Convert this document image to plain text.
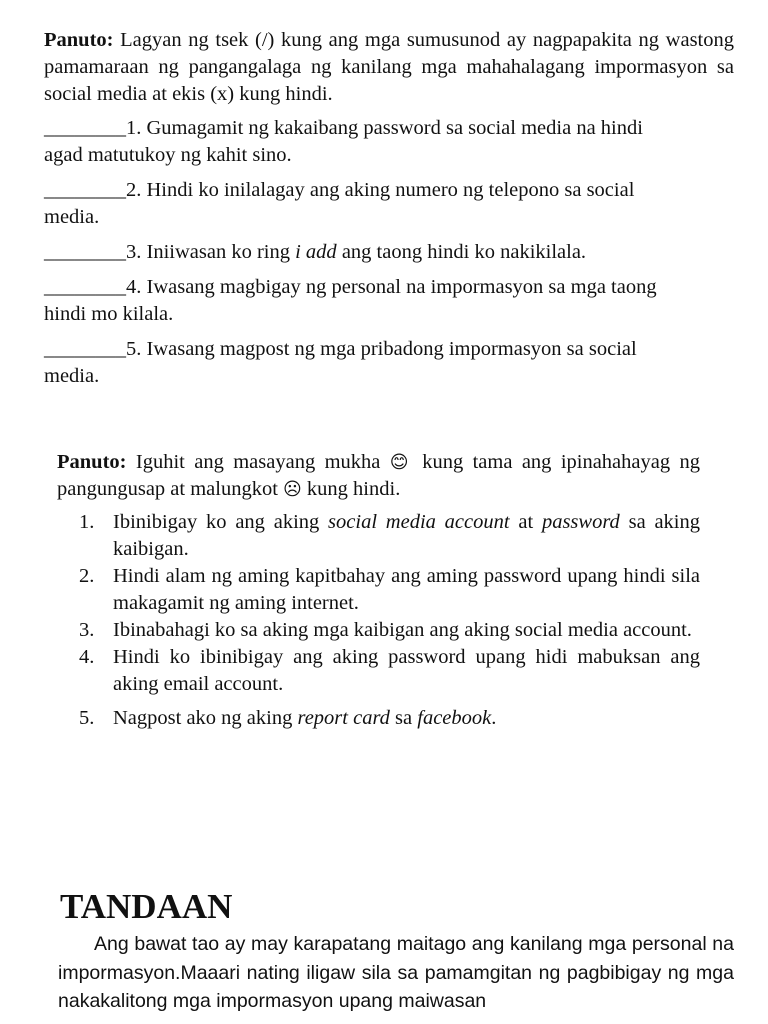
Panuto: Lagyan ng tsek (/) kung ang mga sumusunod ay nagpapakita ng wastong pamamaraan ng pangangalaga ng kanilang mga mahahalagang impormasyon sa social media at ekis (x) kung hindi.
________1. Gumagamit ng kakaibang password sa social media na hindi
agad matutukoy ng kahit sino.
________2. Hindi ko inilalagay ang aking numero ng telepono sa social
media.
________3. Iniiwasan ko ring i add ang taong hindi ko nakikilala.
________4. Iwasang magbigay ng personal na impormasyon sa mga taong
hindi mo kilala.
________5. Iwasang magpost ng mga pribadong impormasyon sa social
media.
Panuto: Iguhit ang masayang mukha 😊 kung tama ang ipinahahayag ng pangungusap at malungkot ☹ kung hindi.
1. Ibinibigay ko ang aking social media account at password sa aking kaibigan.
2. Hindi alam ng aming kapitbahay ang aming password upang hindi sila makagamit ng aming internet.
3. Ibinabahagi ko sa aking mga kaibigan ang aking social media account.
4. Hindi ko ibinibigay ang aking password upang hidi mabuksan ang aking email account.
5. Nagpost ako ng aking report card sa facebook.
TANDAAN
Ang bawat tao ay may karapatang maitago ang kanilang mga personal na impormasyon.Maaari nating iligaw sila sa pamamgitan ng pagbibigay ng mga nakakalitong mga impormasyon upang maiwasan
